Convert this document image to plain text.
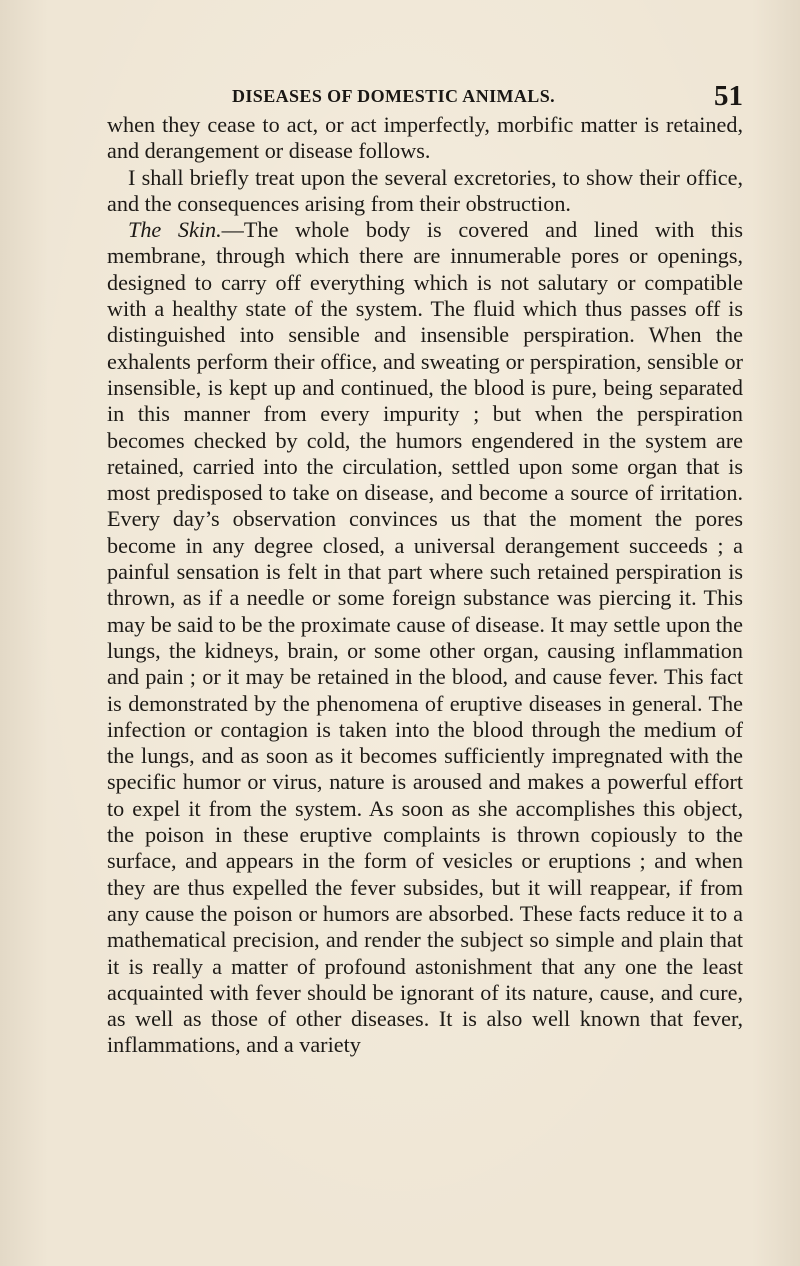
DISEASES OF DOMESTIC ANIMALS.	51

when they cease to act, or act imperfectly, morbific matter is retained, and derangement or disease follows.

I shall briefly treat upon the several excretories, to show their office, and the consequences arising from their obstruction.

The Skin.—The whole body is covered and lined with this membrane, through which there are innumerable pores or openings, designed to carry off everything which is not salutary or compatible with a healthy state of the system. The fluid which thus passes off is distinguished into sensible and insensible perspiration. When the exhalents perform their office, and sweating or perspiration, sensible or insensible, is kept up and continued, the blood is pure, being separated in this manner from every impurity ; but when the perspiration becomes checked by cold, the humors engendered in the system are retained, carried into the circulation, settled upon some organ that is most predisposed to take on disease, and become a source of irritation. Every day’s observation convinces us that the moment the pores become in any degree closed, a universal derangement succeeds ; a painful sensation is felt in that part where such retained perspiration is thrown, as if a needle or some foreign substance was piercing it. This may be said to be the proximate cause of disease. It may settle upon the lungs, the kidneys, brain, or some other organ, causing inflammation and pain ; or it may be retained in the blood, and cause fever. This fact is demonstrated by the phenomena of eruptive diseases in general. The infection or contagion is taken into the blood through the medium of the lungs, and as soon as it becomes sufficiently impregnated with the specific humor or virus, nature is aroused and makes a powerful effort to expel it from the system. As soon as she accomplishes this object, the poison in these eruptive complaints is thrown copiously to the surface, and appears in the form of vesicles or eruptions ; and when they are thus expelled the fever subsides, but it will reappear, if from any cause the poison or humors are absorbed. These facts reduce it to a mathematical precision, and render the subject so simple and plain that it is really a matter of profound astonishment that any one the least acquainted with fever should be ignorant of its nature, cause, and cure, as well as those of other diseases. It is also well known that fever, inflammations, and a variety
